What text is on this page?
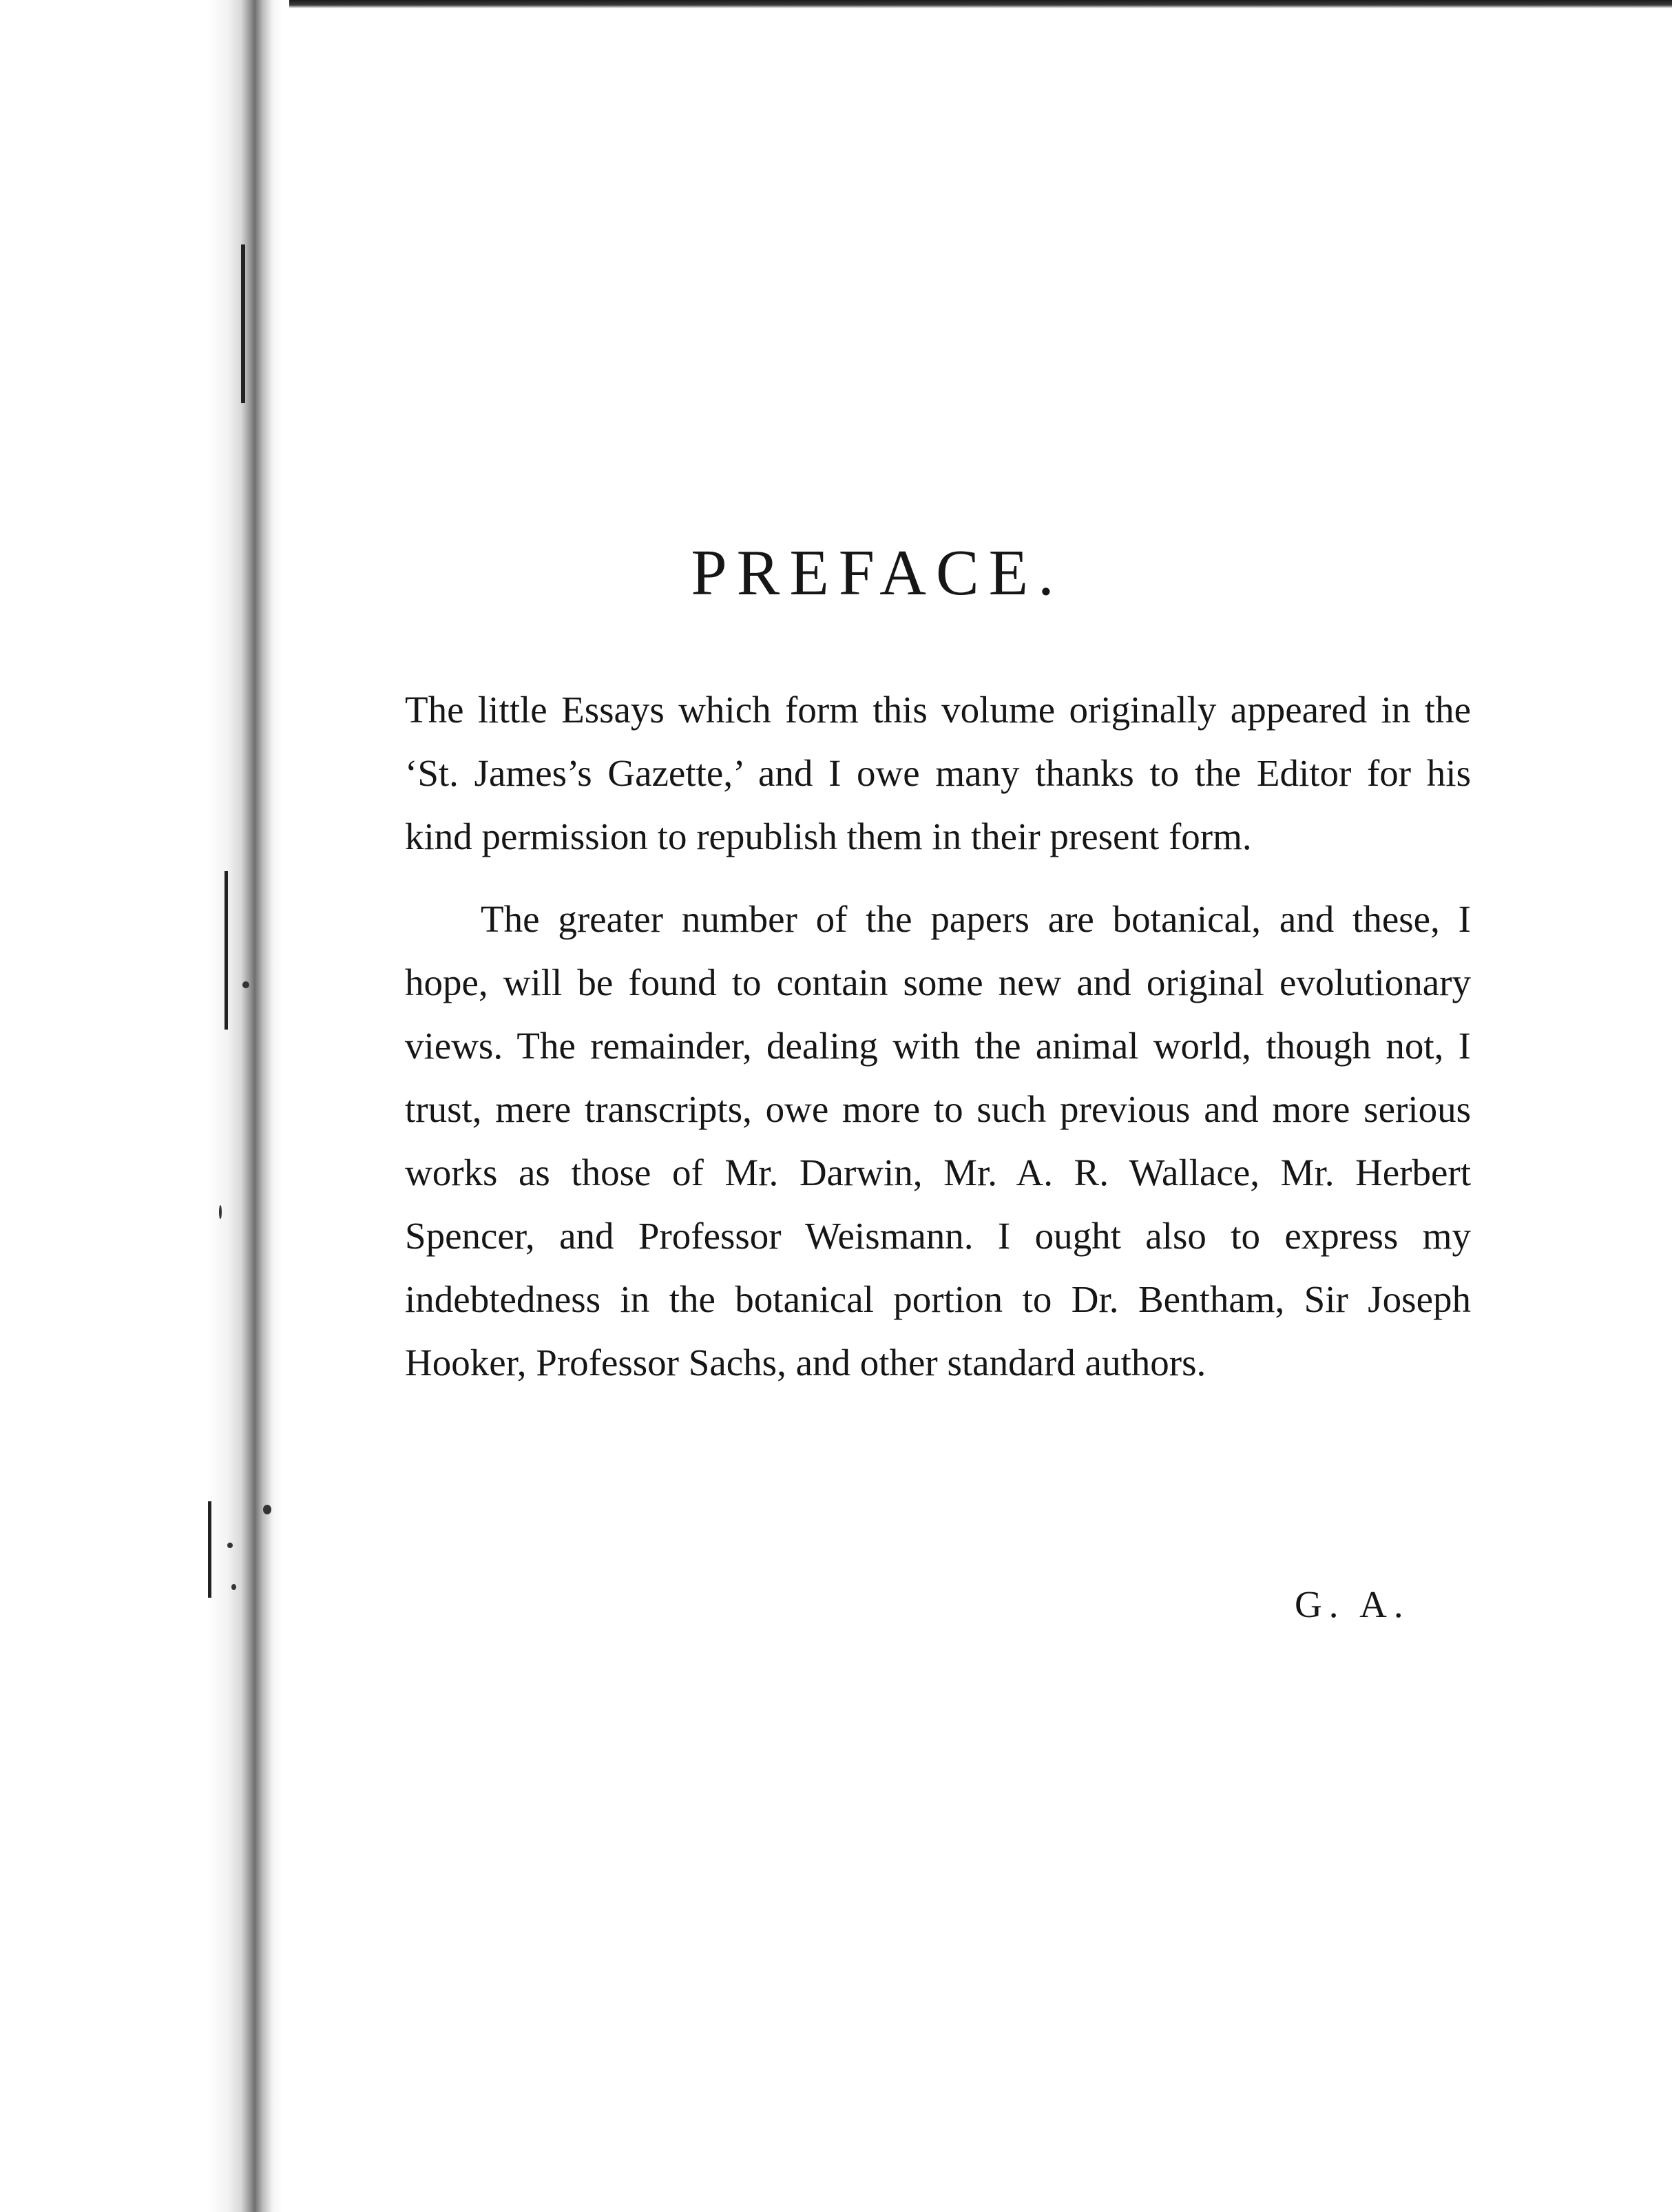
PREFACE.

The little Essays which form this volume originally appeared in the ‘St. James’s Gazette,’ and I owe many thanks to the Editor for his kind permission to republish them in their present form.

The greater number of the papers are botanical, and these, I hope, will be found to contain some new and original evolutionary views. The remainder, dealing with the animal world, though not, I trust, mere transcripts, owe more to such previous and more serious works as those of Mr. Darwin, Mr. A. R. Wallace, Mr. Herbert Spencer, and Professor Weismann. I ought also to express my indebtedness in the botanical portion to Dr. Bentham, Sir Joseph Hooker, Professor Sachs, and other standard authors.

G. A.
